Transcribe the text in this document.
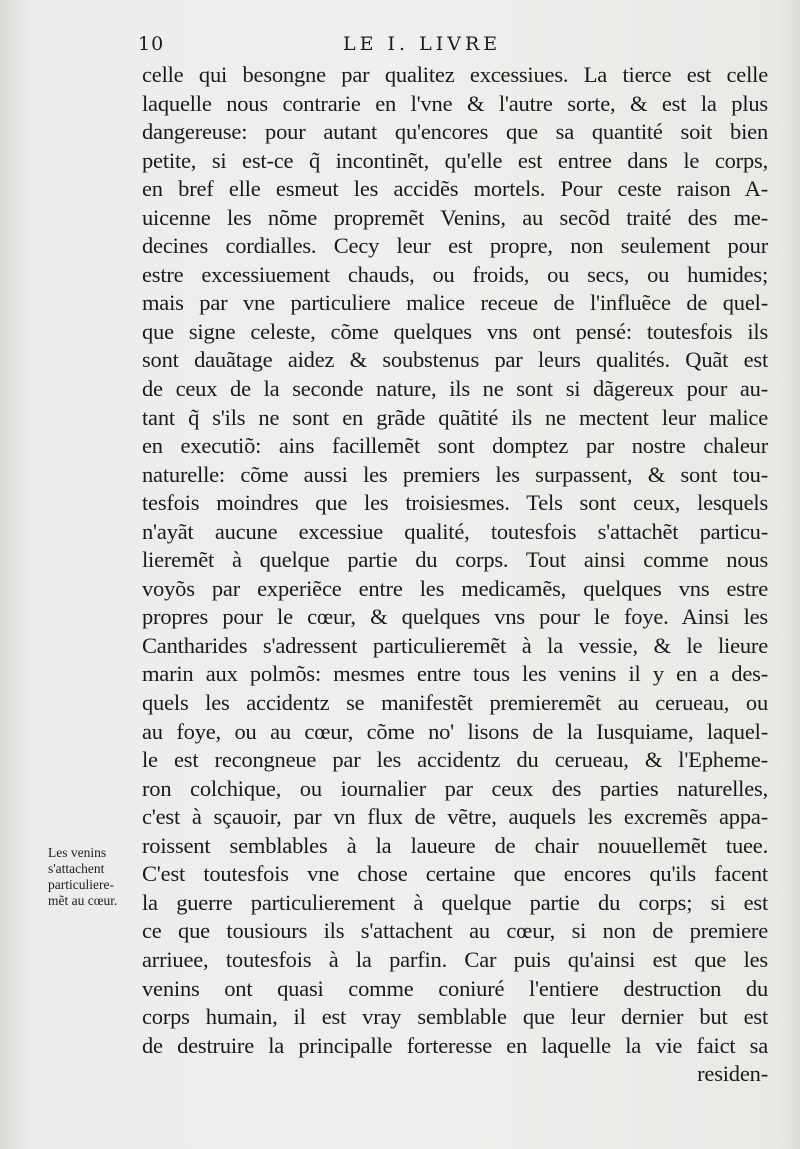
10	LE I. LIVRE
celle qui besongne par qualitez excessiues. La tierce est celle
laquelle nous contrarie en l'vne & l'autre sorte, & est la plus
dangereuse: pour autant qu'encores que sa quantité soit bien
petite, si est-ce q̃ incontinẽt, qu'elle est entree dans le corps,
en bref elle esmeut les accidẽs mortels. Pour ceste raison A-
uicenne les nõme propremẽt Venins, au secõd traité des me-
decines cordialles. Cecy leur est propre, non seulement pour
estre excessiuement chauds, ou froids, ou secs, ou humides;
mais par vne particuliere malice receue de l'influẽce de quel-
que signe celeste, cõme quelques vns ont pensé: toutesfois ils
sont dauãtage aidez & soubstenus par leurs qualités. Quãt est
de ceux de la seconde nature, ils ne sont si dãgereux pour au-
tant q̃ s'ils ne sont en grãde quãtité ils ne mectent leur malice
en executiõ: ains facillemẽt sont domptez par nostre chaleur
naturelle: cõme aussi les premiers les surpassent, & sont tou-
tesfois moindres que les troisiesmes. Tels sont ceux, lesquels
n'ayãt aucune excessiue qualité, toutesfois s'attachẽt particu-
lieremẽt à quelque partie du corps. Tout ainsi comme nous
voyõs par experiẽce entre les medicamẽs, quelques vns estre
propres pour le cœur, & quelques vns pour le foye. Ainsi les
Cantharides s'adressent particulieremẽt à la vessie, & le lieure
marin aux polmõs: mesmes entre tous les venins il y en a des-
quels les accidentz se manifestẽt premieremẽt au cerueau, ou
au foye, ou au cœur, cõme no' lisons de la Iusquiame, laquel-
le est recongneue par les accidentz du cerueau, & l'Epheme-
ron colchique, ou iournalier par ceux des parties naturelles,
c'est à sçauoir, par vn flux de vẽtre, auquels les excremẽs appa-
roissent semblables à la laueure de chair nouuellemẽt tuee.
C'est toutesfois vne chose certaine que encores qu'ils facent
la guerre particulierement à quelque partie du corps; si est
ce que tousiours ils s'attachent au cœur, si non de premiere
arriuee, toutesfois à la parfin. Car puis qu'ainsi est que les
venins ont quasi comme coniuré l'entiere destruction du
corps humain, il est vray semblable que leur dernier but est
de destruire la principalle forteresse en laquelle la vie faict sa
residen-
Les venins
s'attachent
particuliere-
mẽt au cœur.
